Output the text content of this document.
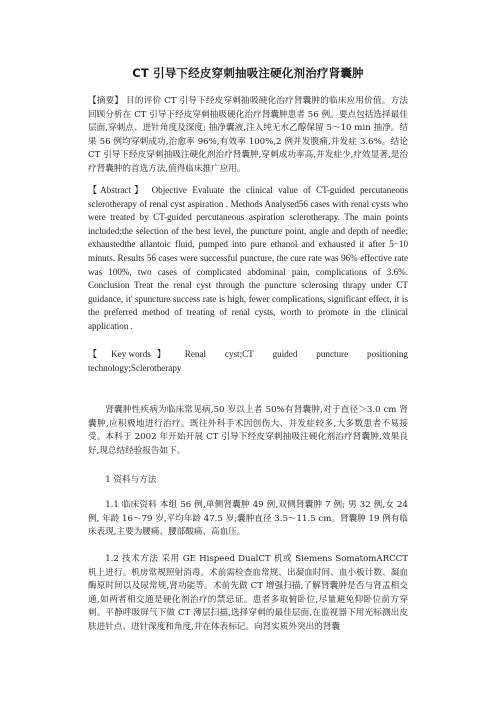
CT 引导下经皮穿刺抽吸注硬化剂治疗肾囊肿

【摘要】 目的评价 CT 引导下经皮穿刺抽吸硬化治疗肾囊肿的临床应用价值。方法 回顾分析在 CT 引导下经皮穿刺抽吸硬化治疗肾囊肿患者 56 例。要点包括选择最佳层面,穿刺点、进针角度及深度; 抽净囊液,注入纯无水乙醇保留 5～10 min 抽净。结果 56 例均穿刺成功,治愈率 96%,有效率 100%,2 例并发腹痛,并发症 3.6%。结论 CT 引导下经皮穿刺抽吸注硬化剂治疗肾囊肿,穿刺成功率高,并发症少,疗效显著,是治疗肾囊肿的首选方法,值得临床推广应用。

【Abstract】 Objective Evaluate the clinical value of CT-guided percutaneous sclerotherapy of renal cyst aspiration . Methods Analysed56 cases with renal cysts who were treated by CT-guided percutaneous aspiration sclerotherapy. The main points included:the selection of the best level, the puncture point, angle and depth of needle; exhaustedthe allantoic fluid, pumped into pure ethanol and exhausted it after 5−10 minuts. Results 56 cases were successful puncture, the cure rate was 96% effective rate was 100%, two cases of complicated abdominal pain, complications of 3.6%. Conclusion Treat the renal cyst through the puncture sclerosing thrapy under CT guidance, it' spuncture success rate is high, fewer complications, significant effect, it is the preferred method of treating of renal cysts, worth to promote in the clinical application .

【 Key words 】 Renal cyst;CT guided puncture positioning
technology;Sclerotherapy

肾囊肿性疾病为临床常见病,50 岁以上者 50%有肾囊肿,对于直径＞3.0 cm 肾囊肿,应积极地进行治疗。既往外科手术因创伤大、并发症较多,大多数患者不易接受。本科于 2002 年开始开展 CT 引导下经皮穿刺抽吸注硬化剂治疗肾囊肿,效果良好,现总结经验报告如下。

1 资料与方法

1.1 临床资料 本组 56 例,单侧肾囊肿 49 例,双侧肾囊肿 7 例; 男 32 例,女 24 例, 年龄 16～79 岁,平均年龄 47.5 岁;囊肿直径 3.5～11.5 cm。肾囊肿 19 例有临床表现,主要为腰痛、腰部酸痛、高血压。

1.2 技术方法 采用 GE Hispeed DualCT 机或 Siemens SomatomARCCT 机上进行。机房常规照射消毒。术前需检查血常规、出凝血时间、血小板计数、凝血酶原时间以及尿常规,肾功能等。术前先做 CT 增强扫描,了解肾囊肿是否与肾盂相交通,如两者相交通是硬化剂治疗的禁忌证。患者多取俯卧位,尽量避免仰卧位前方穿刺。平静呼吸屏气下做 CT 薄层扫描,选择穿刺的最佳层面,在监视器下用光标测出皮肤进针点、进针深度和角度,并在体表标记。向肾实质外突出的肾囊
